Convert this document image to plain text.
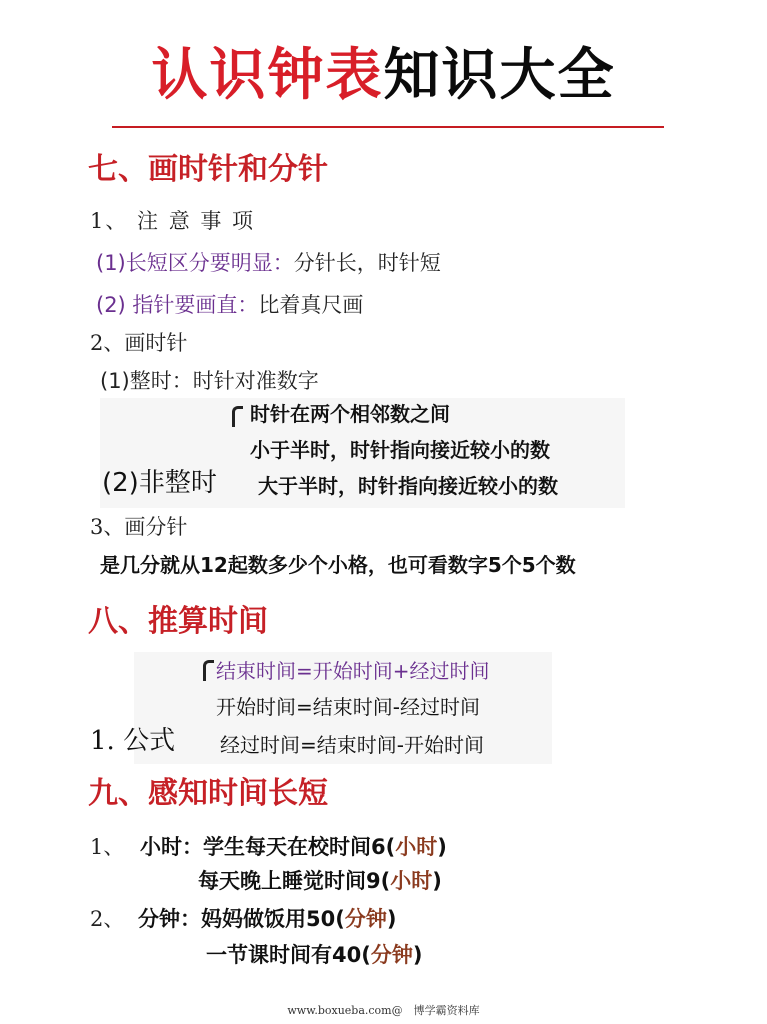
认识钟表知识大全
七、画时针和分针
1、 注 意 事 项
(1)长短区分要明显：分针长，时针短
(2) 指针要画直：比着真尺画
2、画时针
(1)整时：时针对准数字
(2)非整时
时针在两个相邻数之间
小于半时，时针指向接近较小的数
大于半时，时针指向接近较小的数
3、画分针
是几分就从12起数多少个小格，也可看数字5个5个数
八、推算时间
1. 公式
结束时间=开始时间+经过时间
开始时间=结束时间-经过时间
经过时间=结束时间-开始时间
九、感知时间长短
1、 小时：学生每天在校时间6(小时)
每天晚上睡觉时间9(小时)
2、 分钟：妈妈做饭用50(分钟)
一节课时间有40(分钟)
www.boxueba.com@　博学霸资料库
